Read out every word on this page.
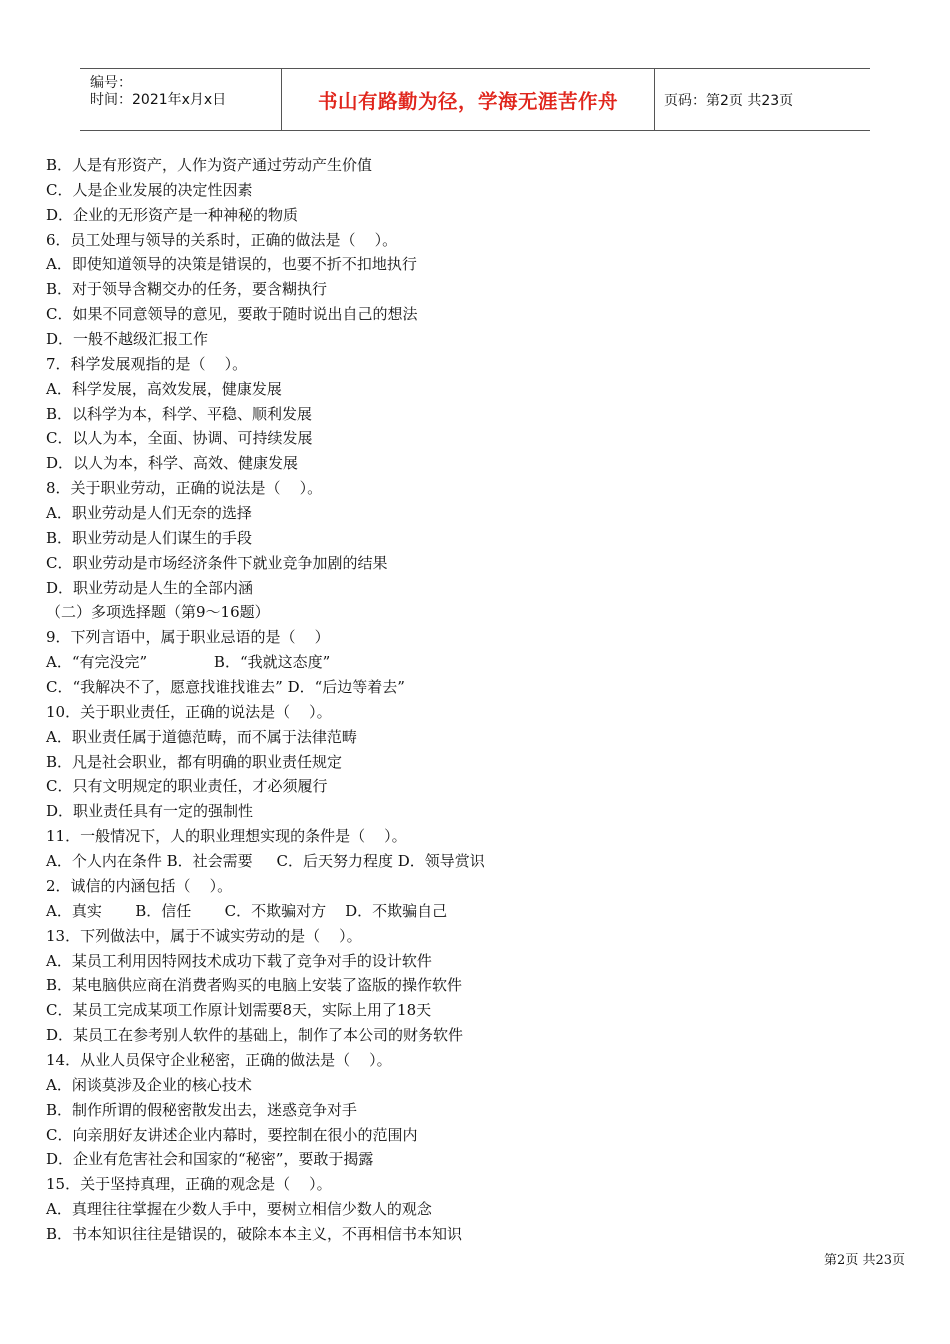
编号：
时间：2021年x月x日	书山有路勤为径，学海无涯苦作舟	页码：第2页 共23页
B．人是有形资产，人作为资产通过劳动产生价值
C．人是企业发展的决定性因素
D．企业的无形资产是一种神秘的物质
6．员工处理与领导的关系时，正确的做法是（    ）。
A．即使知道领导的决策是错误的，也要不折不扣地执行
B．对于领导含糊交办的任务，要含糊执行
C．如果不同意领导的意见，要敢于随时说出自己的想法
D．一般不越级汇报工作
7．科学发展观指的是（    ）。
A．科学发展，高效发展，健康发展
B．以科学为本，科学、平稳、顺利发展
C．以人为本，全面、协调、可持续发展
D．以人为本，科学、高效、健康发展
8．关于职业劳动，正确的说法是（    ）。
A．职业劳动是人们无奈的选择
B．职业劳动是人们谋生的手段
C．职业劳动是市场经济条件下就业竞争加剧的结果
D．职业劳动是人生的全部内涵
（二）多项选择题（第9～16题）
9．下列言语中，属于职业忌语的是（    ）
A．“有完没完”              B．“我就这态度”
C．“我解决不了，愿意找谁找谁去” D．“后边等着去”
10．关于职业责任，正确的说法是（    ）。
A．职业责任属于道德范畴，而不属于法律范畴
B．凡是社会职业，都有明确的职业责任规定
C．只有文明规定的职业责任，才必须履行
D．职业责任具有一定的强制性
11．一般情况下，人的职业理想实现的条件是（    ）。
A．个人内在条件 B．社会需要     C．后天努力程度 D．领导赏识
2．诚信的内涵包括（    ）。
A．真实       B．信任       C．不欺骗对方    D．不欺骗自己
13．下列做法中，属于不诚实劳动的是（    ）。
A．某员工利用因特网技术成功下载了竞争对手的设计软件
B．某电脑供应商在消费者购买的电脑上安装了盗版的操作软件
C．某员工完成某项工作原计划需要8天，实际上用了18天
D．某员工在参考别人软件的基础上，制作了本公司的财务软件
14．从业人员保守企业秘密，正确的做法是（    ）。
A．闲谈莫涉及企业的核心技术
B．制作所谓的假秘密散发出去，迷惑竞争对手
C．向亲朋好友讲述企业内幕时，要控制在很小的范围内
D．企业有危害社会和国家的“秘密”，要敢于揭露
15．关于坚持真理，正确的观念是（    ）。
A．真理往往掌握在少数人手中，要树立相信少数人的观念
B．书本知识往往是错误的，破除本本主义，不再相信书本知识
第2页 共23页
